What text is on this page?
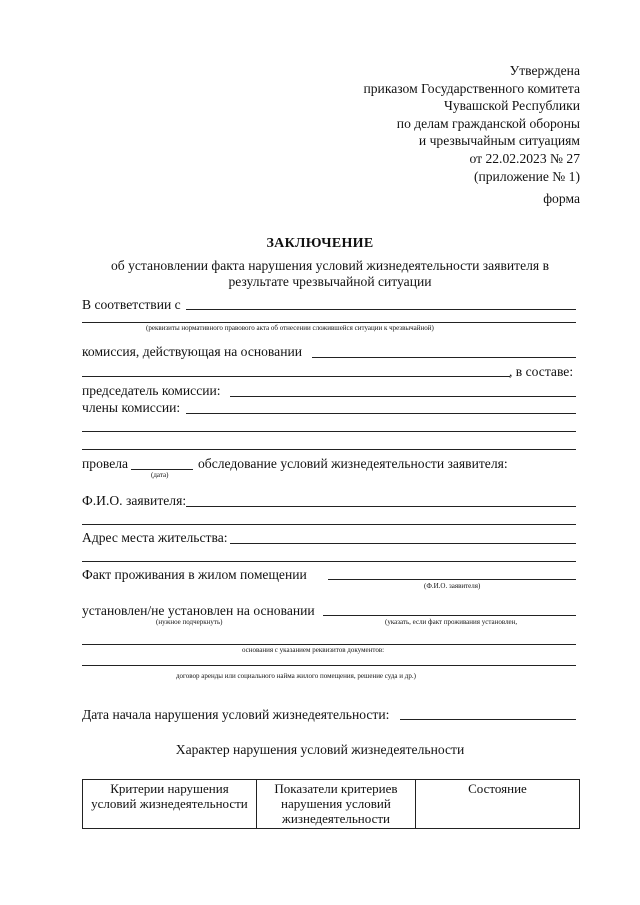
Утверждена
приказом Государственного комитета
Чувашской Республики
по делам гражданской обороны
и чрезвычайным ситуациям
от 22.02.2023 № 27
(приложение № 1)
форма
ЗАКЛЮЧЕНИЕ
об установлении факта нарушения условий жизнедеятельности заявителя в результате чрезвычайной ситуации
В соответствии с
(реквизиты нормативного правового акта об отнесении сложившейся ситуации к чрезвычайной)
комиссия, действующая на основании
, в составе:
председатель комиссии:
члены комиссии:
провела
(дата)
обследование условий жизнедеятельности заявителя:
Ф.И.О. заявителя:
Адрес места жительства:
Факт проживания в жилом помещении
(Ф.И.О. заявителя)
установлен/не установлен на основании
(нужное подчеркнуть)	(указать, если факт проживания установлен,
основания с указанием реквизитов документов:
договор аренды или социального найма жилого помещения, решение суда и др.)
Дата начала нарушения условий жизнедеятельности:
Характер нарушения условий жизнедеятельности
Критерии нарушения условий жизнедеятельности	Показатели критериев нарушения условий жизнедеятельности	Состояние
